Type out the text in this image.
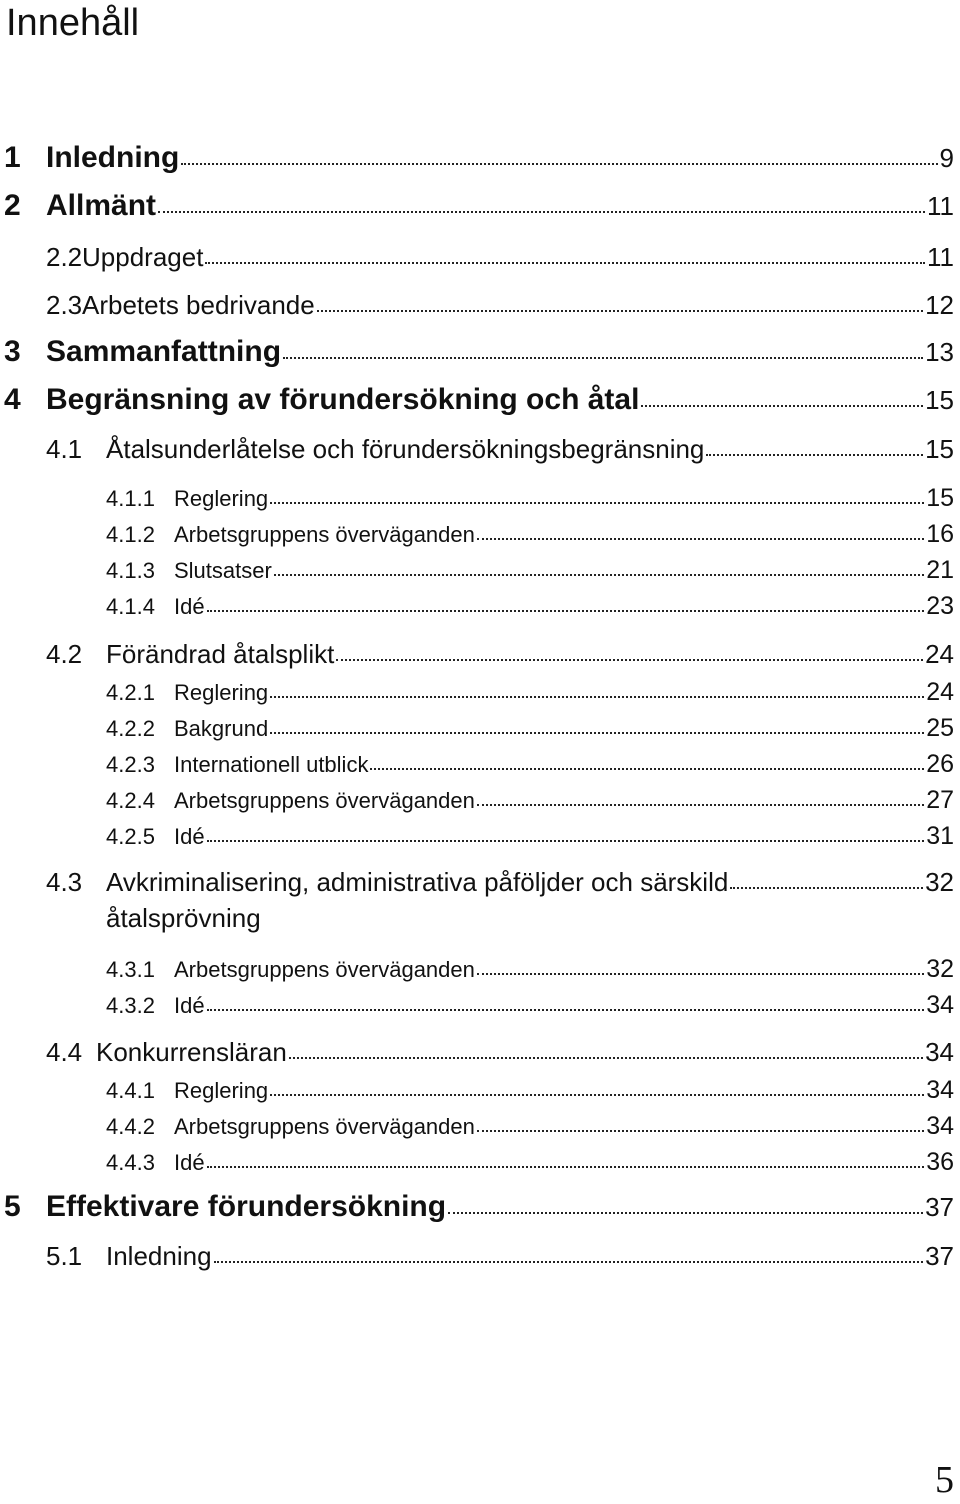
Innehåll
1 Inledning	9
2 Allmänt	11
2.2 Uppdraget	11
2.3 Arbetets bedrivande	12
3 Sammanfattning	13
4 Begränsning av förundersökning och åtal	15
4.1 Åtalsunderlåtelse och förundersökningsbegränsning	15
4.1.1 Reglering	15
4.1.2 Arbetsgruppens överväganden	16
4.1.3 Slutsatser	21
4.1.4 Idé	23
4.2 Förändrad åtalsplikt	24
4.2.1 Reglering	24
4.2.2 Bakgrund	25
4.2.3 Internationell utblick	26
4.2.4 Arbetsgruppens överväganden	27
4.2.5 Idé	31
4.3 Avkriminalisering, administrativa påföljder och särskild	32
åtalsprövning
4.3.1 Arbetsgruppens överväganden	32
4.3.2 Idé	34
4.4 Konkurrensläran	34
4.4.1 Reglering	34
4.4.2 Arbetsgruppens överväganden	34
4.4.3 Idé	36
5 Effektivare förundersökning	37
5.1 Inledning	37
5
